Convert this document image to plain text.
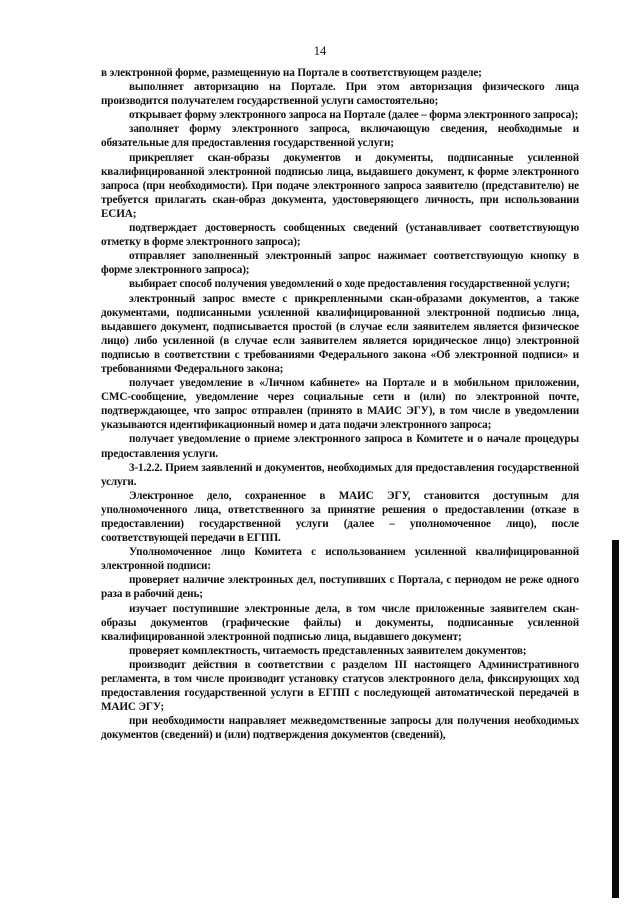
14

в электронной форме, размещенную на Портале в соответствующем разделе;

выполняет авторизацию на Портале. При этом авторизация физического лица производится получателем государственной услуги самостоятельно;

открывает форму электронного запроса на Портале (далее – форма электронного запроса);

заполняет форму электронного запроса, включающую сведения, необходимые и обязательные для предоставления государственной услуги;

прикрепляет скан-образы документов и документы, подписанные усиленной квалифицированной электронной подписью лица, выдавшего документ, к форме электронного запроса (при необходимости). При подаче электронного запроса заявителю (представителю) не требуется прилагать скан-образ документа, удостоверяющего личность, при использовании ЕСИА;

подтверждает достоверность сообщенных сведений (устанавливает соответствующую отметку в форме электронного запроса);

отправляет заполненный электронный запрос нажимает соответствующую кнопку в форме электронного запроса);

выбирает способ получения уведомлений о ходе предоставления государственной услуги;

электронный запрос вместе с прикрепленными скан-образами документов, а также документами, подписанными усиленной квалифицированной электронной подписью лица, выдавшего документ, подписывается простой (в случае если заявителем является физическое лицо) либо усиленной (в случае если заявителем является юридическое лицо) электронной подписью в соответствии с требованиями Федерального закона «Об электронной подписи» и требованиями Федерального закона;

получает уведомление в «Личном кабинете» на Портале и в мобильном приложении, СМС-сообщение, уведомление через социальные сети и (или) по электронной почте, подтверждающее, что запрос отправлен (принято в МАИС ЭГУ), в том числе в уведомлении указываются идентификационный номер и дата подачи электронного запроса;

получает уведомление о приеме электронного запроса в Комитете и о начале процедуры предоставления услуги.

3-1.2.2. Прием заявлений и документов, необходимых для предоставления государственной услуги.

Электронное дело, сохраненное в МАИС ЭГУ, становится доступным для уполномоченного лица, ответственного за принятие решения о предоставлении (отказе в предоставлении) государственной услуги (далее – уполномоченное лицо), после соответствующей передачи в ЕГПП.

Уполномоченное лицо Комитета с использованием усиленной квалифицированной электронной подписи:

проверяет наличие электронных дел, поступивших с Портала, с периодом не реже одного раза в рабочий день;

изучает поступившие электронные дела, в том числе приложенные заявителем скан-образы документов (графические файлы) и документы, подписанные усиленной квалифицированной электронной подписью лица, выдавшего документ;

проверяет комплектность, читаемость представленных заявителем документов;

производит действия в соответствии с разделом III настоящего Административного регламента, в том числе производит установку статусов электронного дела, фиксирующих ход предоставления государственной услуги в ЕГПП с последующей автоматической передачей в МАИС ЭГУ;

при необходимости направляет межведомственные запросы для получения необходимых документов (сведений) и (или) подтверждения документов (сведений),
